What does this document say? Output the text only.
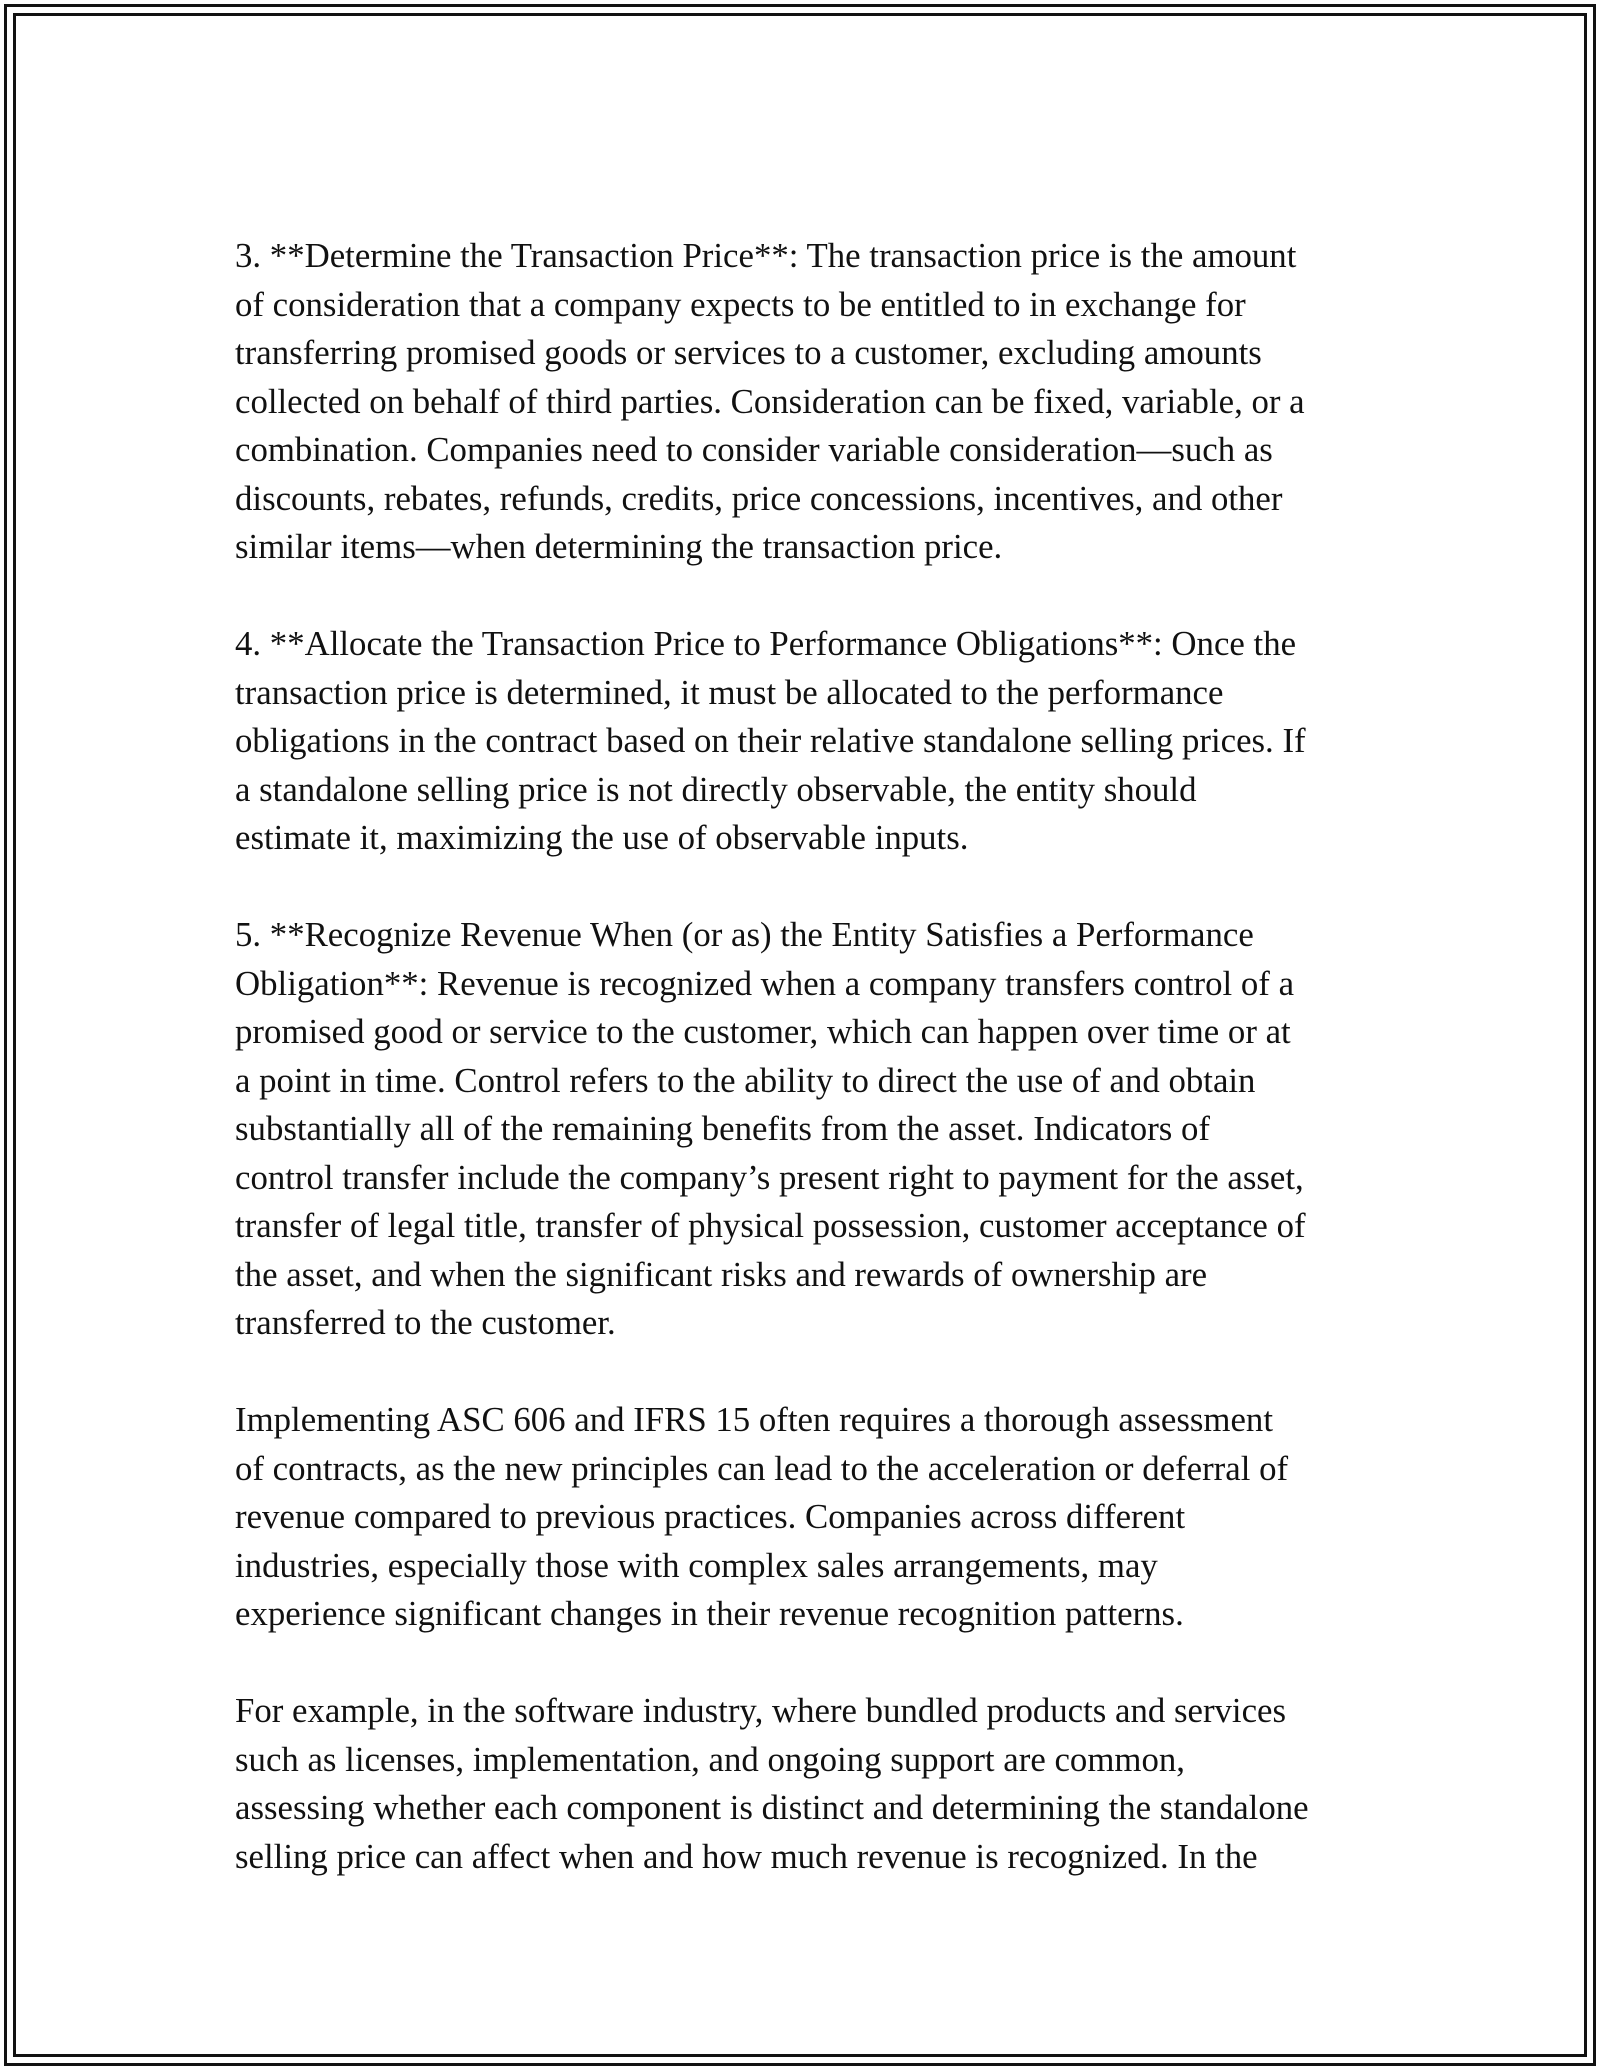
3. **Determine the Transaction Price**: The transaction price is the amount
of consideration that a company expects to be entitled to in exchange for
transferring promised goods or services to a customer, excluding amounts
collected on behalf of third parties. Consideration can be fixed, variable, or a
combination. Companies need to consider variable consideration—such as
discounts, rebates, refunds, credits, price concessions, incentives, and other
similar items—when determining the transaction price.

4. **Allocate the Transaction Price to Performance Obligations**: Once the
transaction price is determined, it must be allocated to the performance
obligations in the contract based on their relative standalone selling prices. If
a standalone selling price is not directly observable, the entity should
estimate it, maximizing the use of observable inputs.

5. **Recognize Revenue When (or as) the Entity Satisfies a Performance
Obligation**: Revenue is recognized when a company transfers control of a
promised good or service to the customer, which can happen over time or at
a point in time. Control refers to the ability to direct the use of and obtain
substantially all of the remaining benefits from the asset. Indicators of
control transfer include the company’s present right to payment for the asset,
transfer of legal title, transfer of physical possession, customer acceptance of
the asset, and when the significant risks and rewards of ownership are
transferred to the customer.

Implementing ASC 606 and IFRS 15 often requires a thorough assessment
of contracts, as the new principles can lead to the acceleration or deferral of
revenue compared to previous practices. Companies across different
industries, especially those with complex sales arrangements, may
experience significant changes in their revenue recognition patterns.

For example, in the software industry, where bundled products and services
such as licenses, implementation, and ongoing support are common,
assessing whether each component is distinct and determining the standalone
selling price can affect when and how much revenue is recognized. In the
